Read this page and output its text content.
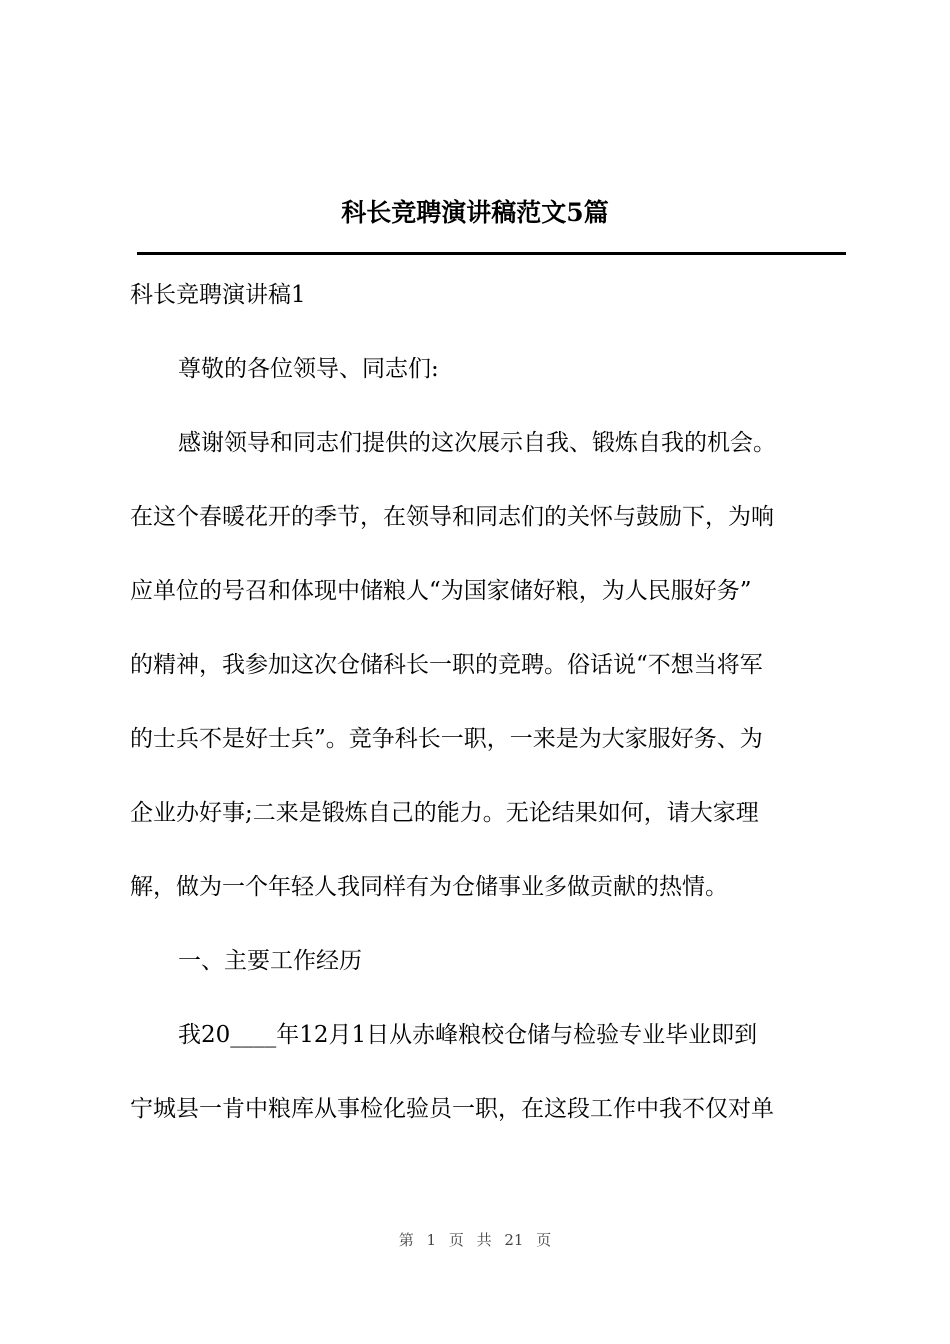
科长竞聘演讲稿范文5篇
科长竞聘演讲稿1
尊敬的各位领导、同志们:
感谢领导和同志们提供的这次展示自我、锻炼自我的机会。
在这个春暖花开的季节，在领导和同志们的关怀与鼓励下，为响
应单位的号召和体现中储粮人“为国家储好粮，为人民服好务”
的精神，我参加这次仓储科长一职的竞聘。俗话说“不想当将军
的士兵不是好士兵”。竞争科长一职，一来是为大家服好务、为
企业办好事;二来是锻炼自己的能力。无论结果如何，请大家理
解，做为一个年轻人我同样有为仓储事业多做贡献的热情。
一、主要工作经历
我20____年12月1日从赤峰粮校仓储与检验专业毕业即到
宁城县一肯中粮库从事检化验员一职，在这段工作中我不仅对单
第 1 页 共 21 页
